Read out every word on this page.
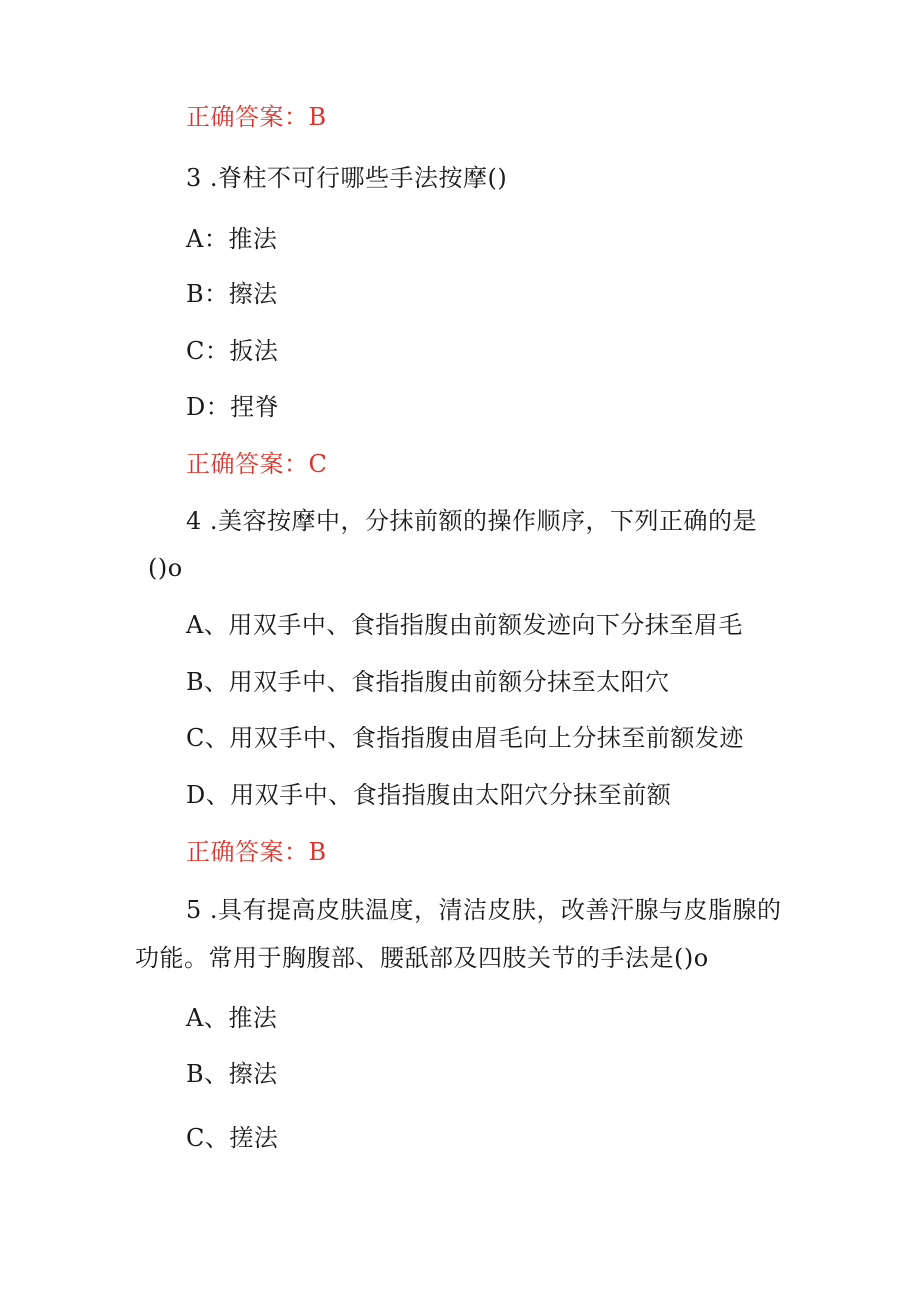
正确答案：B
3 .脊柱不可行哪些手法按摩()
A：推法
B：擦法
C：扳法
D：捏脊
正确答案：C
4 .美容按摩中，分抹前额的操作顺序，下列正确的是
()o
A、用双手中、食指指腹由前额发迹向下分抹至眉毛
B、用双手中、食指指腹由前额分抹至太阳穴
C、用双手中、食指指腹由眉毛向上分抹至前额发迹
D、用双手中、食指指腹由太阳穴分抹至前额
正确答案：B
5 .具有提高皮肤温度，清洁皮肤，改善汗腺与皮脂腺的
功能。常用于胸腹部、腰舐部及四肢关节的手法是()o
A、推法
B、擦法
C、搓法
